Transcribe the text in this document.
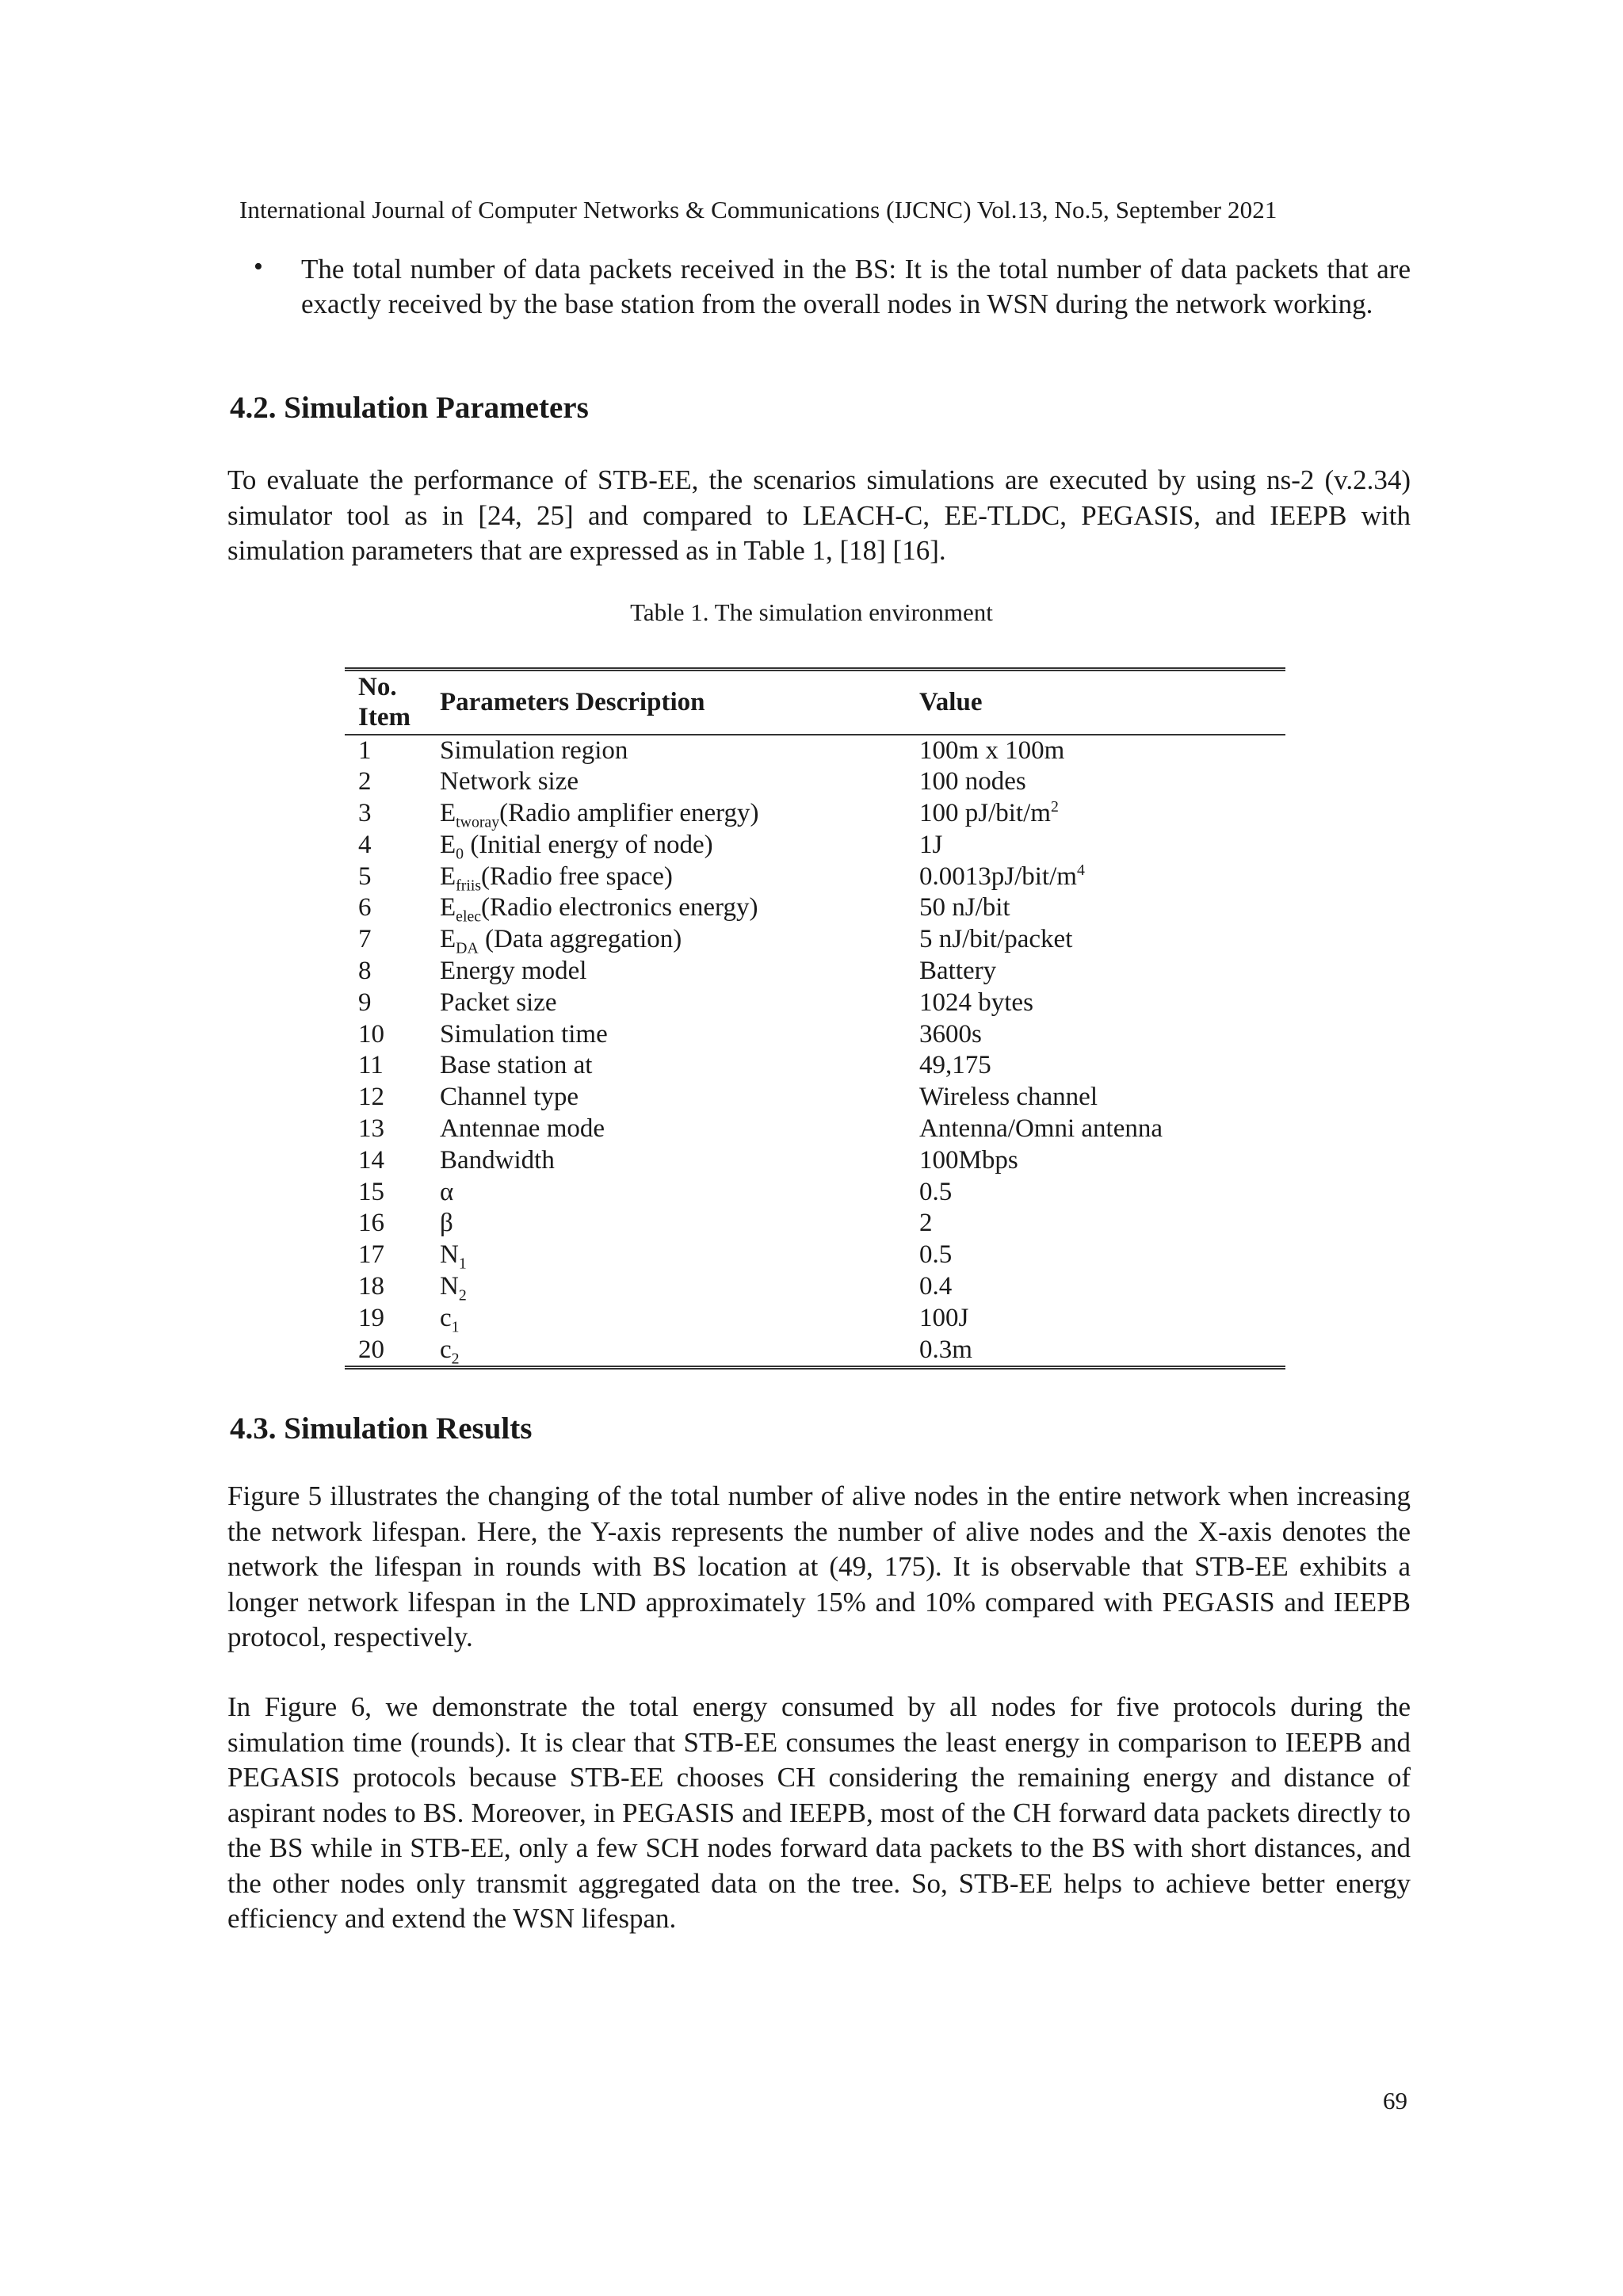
International Journal of Computer Networks & Communications (IJCNC) Vol.13, No.5, September 2021
• The total number of data packets received in the BS: It is the total number of data packets that are exactly received by the base station from the overall nodes in WSN during the network working.
4.2. Simulation Parameters
To evaluate the performance of STB-EE, the scenarios simulations are executed by using ns-2 (v.2.34) simulator tool as in [24, 25] and compared to LEACH-C, EE-TLDC, PEGASIS, and IEEPB with simulation parameters that are expressed as in Table 1, [18] [16].
Table 1. The simulation environment
No. Item	Parameters Description	Value
1	Simulation region	100m x 100m
2	Network size	100 nodes
3	$E_{tworay}(Radio$ amplifier energy)	100 $pJ/bit/m^2$
4	$E_0$ (Initial energy of node)	1J
5	$E_{friis}(Radio$ free space)	$0.0013pJ/bit/m^4$
6	$E_{elec}(Radio$ electronics energy)	50 nJ/bit
7	$E_{DA}$ (Data aggregation)	5 nJ/bit/packet
8	Energy model	Battery
9	Packet size	1024 bytes
10	Simulation time	3600s
11	Base station at	49,175
12	Channel type	Wireless channel
13	Antennae mode	Antenna/Omni antenna
14	Bandwidth	100Mbps
15	α	0.5
16	β	2
17	$N_1$	0.5
18	$N_2$	0.4
19	$c_1$	100J
20	$c_2$	0.3m
4.3. Simulation Results
Figure 5 illustrates the changing of the total number of alive nodes in the entire network when increasing the network lifespan. Here, the Y-axis represents the number of alive nodes and the X-axis denotes the network the lifespan in rounds with BS location at (49, 175). It is observable that STB-EE exhibits a longer network lifespan in the LND approximately 15% and 10% compared with PEGASIS and IEEPB protocol, respectively.
In Figure 6, we demonstrate the total energy consumed by all nodes for five protocols during the simulation time (rounds). It is clear that STB-EE consumes the least energy in comparison to IEEPB and PEGASIS protocols because STB-EE chooses CH considering the remaining energy and distance of aspirant nodes to BS. Moreover, in PEGASIS and IEEPB, most of the CH forward data packets directly to the BS while in STB-EE, only a few SCH nodes forward data packets to the BS with short distances, and the other nodes only transmit aggregated data on the tree. So, STB-EE helps to achieve better energy efficiency and extend the WSN lifespan.
69
